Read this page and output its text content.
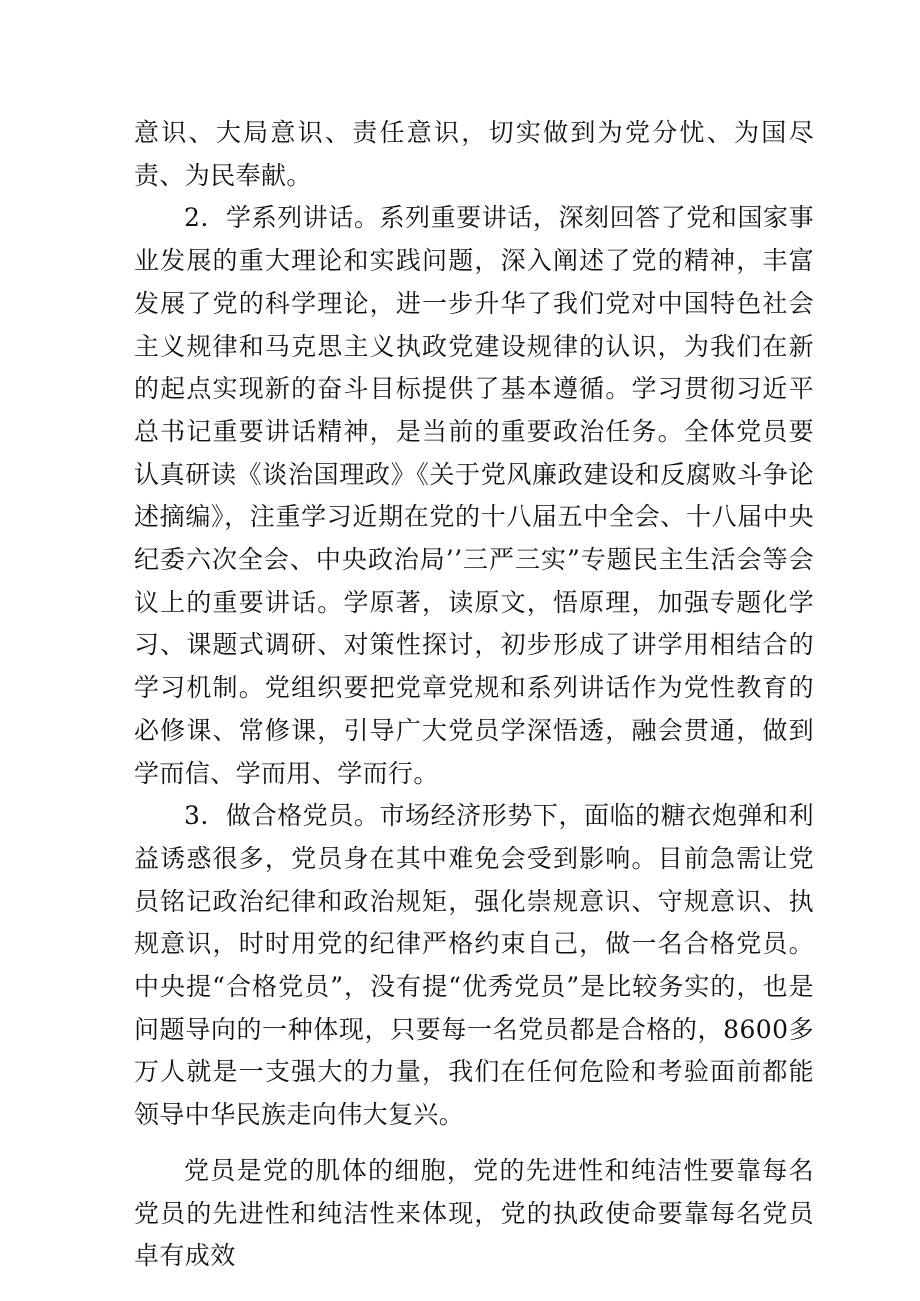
意识、大局意识、责任意识，切实做到为党分忧、为国尽责、为民奉献。

2．学系列讲话。系列重要讲话，深刻回答了党和国家事业发展的重大理论和实践问题，深入阐述了党的精神，丰富发展了党的科学理论，进一步升华了我们党对中国特色社会主义规律和马克思主义执政党建设规律的认识，为我们在新的起点实现新的奋斗目标提供了基本遵循。学习贯彻习近平总书记重要讲话精神，是当前的重要政治任务。全体党员要认真研读《谈治国理政》《关于党风廉政建设和反腐败斗争论述摘编》，注重学习近期在党的十八届五中全会、十八届中央纪委六次全会、中央政治局’’三严三实”专题民主生活会等会议上的重要讲话。学原著，读原文，悟原理，加强专题化学习、课题式调研、对策性探讨，初步形成了讲学用相结合的学习机制。党组织要把党章党规和系列讲话作为党性教育的必修课、常修课，引导广大党员学深悟透，融会贯通，做到学而信、学而用、学而行。

3．做合格党员。市场经济形势下，面临的糖衣炮弹和利益诱惑很多，党员身在其中难免会受到影响。目前急需让党员铭记政治纪律和政治规矩，强化崇规意识、守规意识、执规意识，时时用党的纪律严格约束自己，做一名合格党员。中央提“合格党员”，没有提“优秀党员”是比较务实的，也是问题导向的一种体现，只要每一名党员都是合格的，8600多万人就是一支强大的力量，我们在任何危险和考验面前都能领导中华民族走向伟大复兴。

党员是党的肌体的细胞，党的先进性和纯洁性要靠每名党员的先进性和纯洁性来体现，党的执政使命要靠每名党员卓有成效
